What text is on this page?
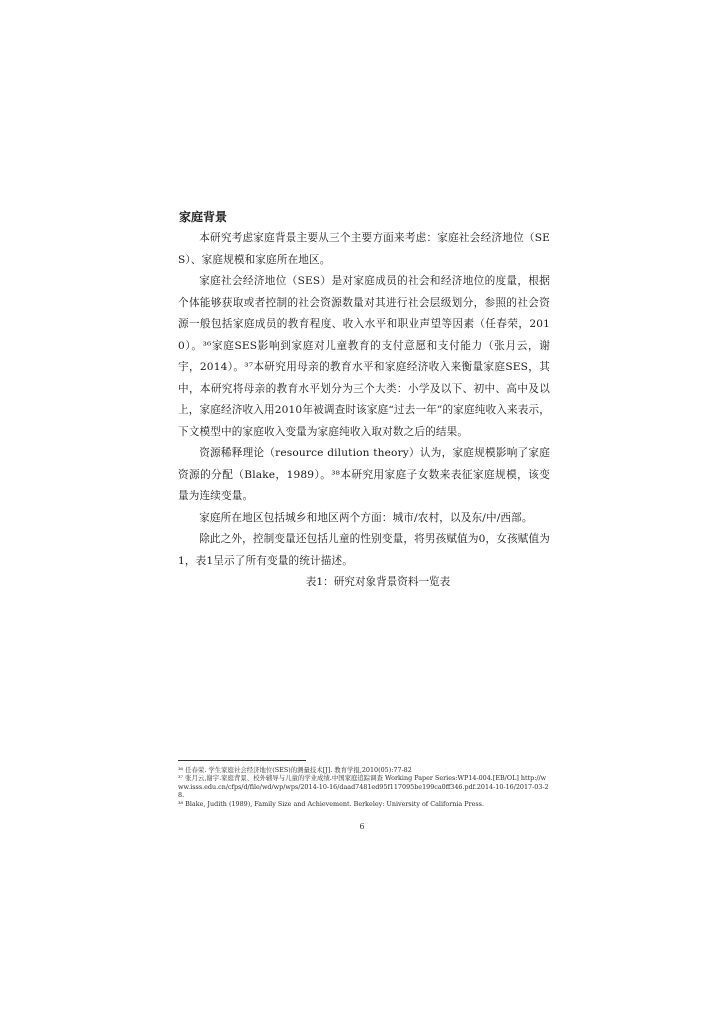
家庭背景

本研究考虑家庭背景主要从三个主要方面来考虑：家庭社会经济地位（SES）、家庭规模和家庭所在地区。

家庭社会经济地位（SES）是对家庭成员的社会和经济地位的度量，根据个体能够获取或者控制的社会资源数量对其进行社会层级划分，参照的社会资源一般包括家庭成员的教育程度、收入水平和职业声望等因素（任春荣，2010）。³⁶家庭SES影响到家庭对儿童教育的支付意愿和支付能力（张月云，谢宇，2014）。³⁷本研究用母亲的教育水平和家庭经济收入来衡量家庭SES，其中，本研究将母亲的教育水平划分为三个大类：小学及以下、初中、高中及以上，家庭经济收入用2010年被调查时该家庭“过去一年”的家庭纯收入来表示，下文模型中的家庭收入变量为家庭纯收入取对数之后的结果。

资源稀释理论（resource dilution theory）认为，家庭规模影响了家庭资源的分配（Blake，1989）。³⁸本研究用家庭子女数来表征家庭规模，该变量为连续变量。

家庭所在地区包括城乡和地区两个方面：城市/农村，以及东/中/西部。

除此之外，控制变量还包括儿童的性别变量，将男孩赋值为0，女孩赋值为1，表1呈示了所有变量的统计描述。

表1：研究对象背景资料一览表

³⁶ 任春荣. 学生家庭社会经济地位(SES)的测量技术[J]. 教育学报,2010(05):77-82

³⁷ 张月云,谢宇.家庭背景、校外辅导与儿童的学业成绩.中国家庭追踪调查 Working Paper Series:WP14-004.[EB/OL] http://www.isss.edu.cn/cfps/d/file/wd/wp/wps/2014-10-16/daad7481ed95f117095be199ca0ff346.pdf.2014-10-16/2017-03-28.

³⁸ Blake, Judith (1989), Family Size and Achievement. Berkeley: University of California Press.

6
